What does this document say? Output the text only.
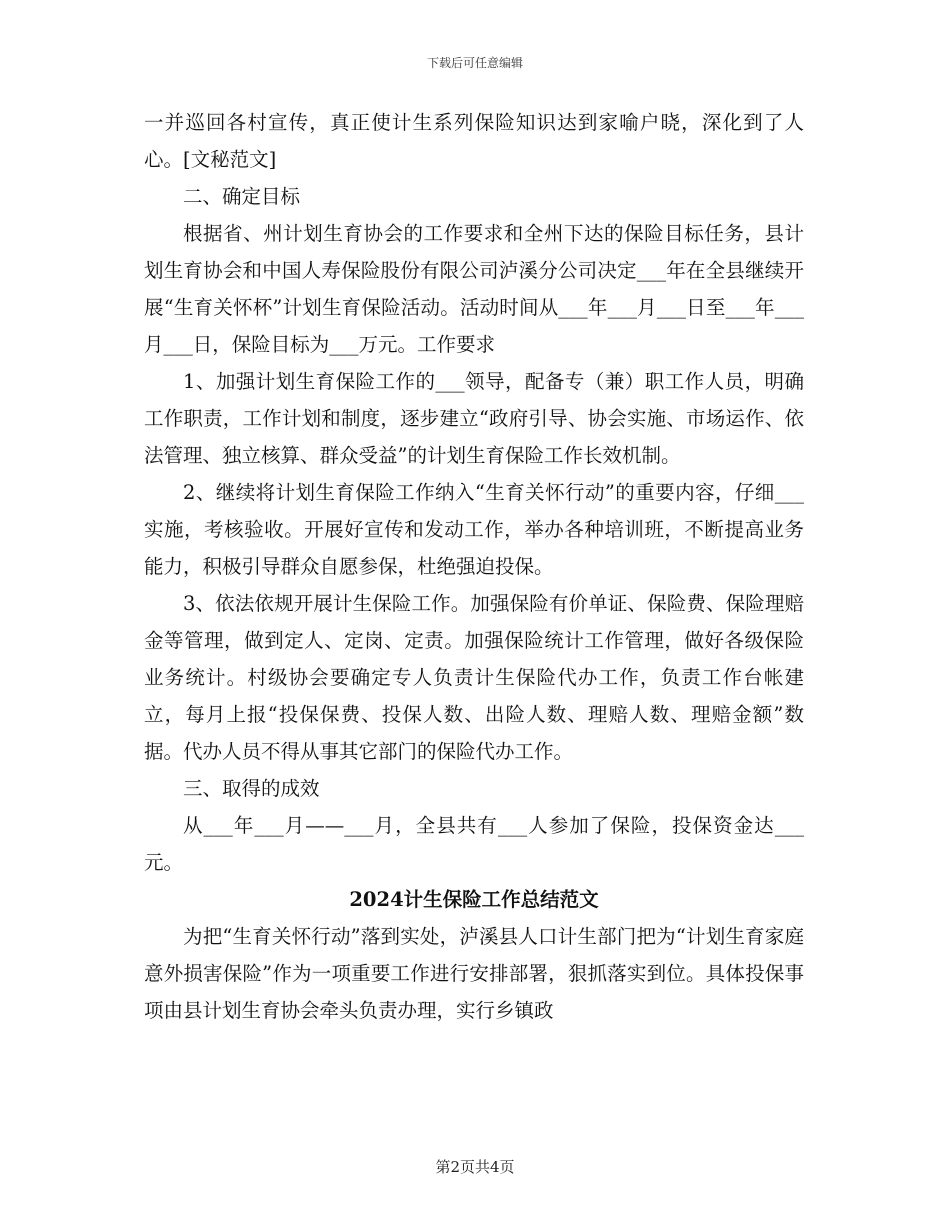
下载后可任意编辑

一并巡回各村宣传，真正使计生系列保险知识达到家喻户晓，深化到了人心。[文秘范文]

二、确定目标

根据省、州计划生育协会的工作要求和全州下达的保险目标任务，县计划生育协会和中国人寿保险股份有限公司泸溪分公司决定___年在全县继续开展“生育关怀杯”计划生育保险活动。活动时间从___年___月___日至___年___月___日，保险目标为___万元。工作要求

1、加强计划生育保险工作的___领导，配备专（兼）职工作人员，明确工作职责，工作计划和制度，逐步建立“政府引导、协会实施、市场运作、依法管理、独立核算、群众受益”的计划生育保险工作长效机制。

2、继续将计划生育保险工作纳入“生育关怀行动”的重要内容，仔细___实施，考核验收。开展好宣传和发动工作，举办各种培训班，不断提高业务能力，积极引导群众自愿参保，杜绝强迫投保。

3、依法依规开展计生保险工作。加强保险有价单证、保险费、保险理赔金等管理，做到定人、定岗、定责。加强保险统计工作管理，做好各级保险业务统计。村级协会要确定专人负责计生保险代办工作，负责工作台帐建立，每月上报“投保保费、投保人数、出险人数、理赔人数、理赔金额”数据。代办人员不得从事其它部门的保险代办工作。

三、取得的成效

从___年___月——___月，全县共有___人参加了保险，投保资金达___元。

2024计生保险工作总结范文

为把“生育关怀行动”落到实处，泸溪县人口计生部门把为“计划生育家庭意外损害保险”作为一项重要工作进行安排部署，狠抓落实到位。具体投保事项由县计划生育协会牵头负责办理，实行乡镇政

第2页共4页
